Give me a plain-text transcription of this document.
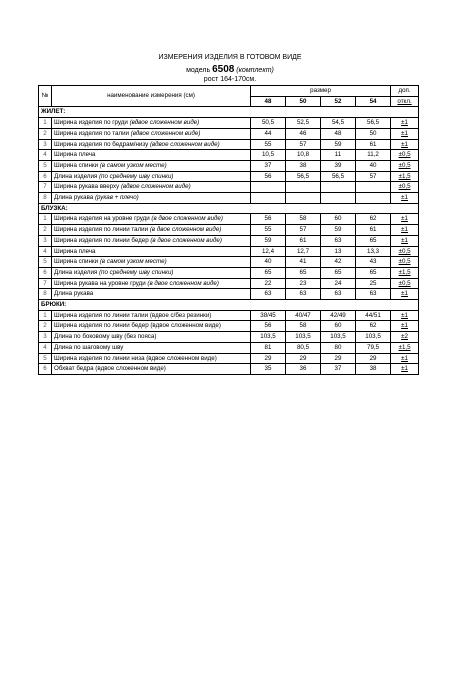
ИЗМЕРЕНИЯ ИЗДЕЛИЯ В ГОТОВОМ ВИДЕ
модель 6508 (комплект)
рост 164-170см.
№	наименование измерения (см)	размер				доп.
		48	50	52	54	откл.
ЖИЛЕТ:						
1	Ширина изделия по груди (вдвое сложенном виде)	50,5	52,5	54,5	56,5	±1
2	Ширина изделия по талии (вдвое сложенном виде)	44	46	48	50	±1
3	Ширина изделия по бедрам/низу (вдвое сложенном виде)	55	57	59	61	±1
4	Ширина плеча	10,5	10,8	11	11,2	±0,5
5	Ширина спинки (в самом узком месте)	37	38	39	40	±0,5
6	Длина изделия (по среднему шву спинки)	56	56,5	56,5	57	±1,5
7	Ширина рукава вверху (вдвое сложенном виде)					±0,5
8	Длина рукава (рукав + плечо)					±1
БЛУЗКА:						
1	Ширина изделия на уровне груди (в двое сложенном виде)	56	58	60	62	±1
2	Ширина изделия по линии талии (в двое сложенном виде)	55	57	59	61	±1
3	Ширина изделия по линии бедер (в двое сложенном виде)	59	61	63	65	±1
4	Ширина плеча	12,4	12,7	13	13,3	±0,5
5	Ширина спинки (в самом узком месте)	40	41	42	43	±0,5
6	Длина изделия (по среднему шву спинки)	65	65	65	65	±1,5
7	Ширина рукава на уровне груди (в двое сложенном виде)	22	23	24	25	±0,5
8	Длина рукава	63	63	63	63	±1
БРЮКИ:						
1	Ширина изделия по линии талии (вдвое с/без резинки)	38/45	40/47	42/49	44/51	±1
2	Ширина изделия по линии бедер (вдвое сложенном виде)	56	58	60	62	±1
3	Длина по боковому шву (без пояса)	103,5	103,5	103,5	103,5	±2
4	Длина по шаговому шву	81	80,5	80	79,5	±1,5
5	Ширина изделия по линии низа (вдвое сложенном виде)	29	29	29	29	±1
6	Обхват бедра (вдвое сложенном виде)	35	36	37	38	±1
